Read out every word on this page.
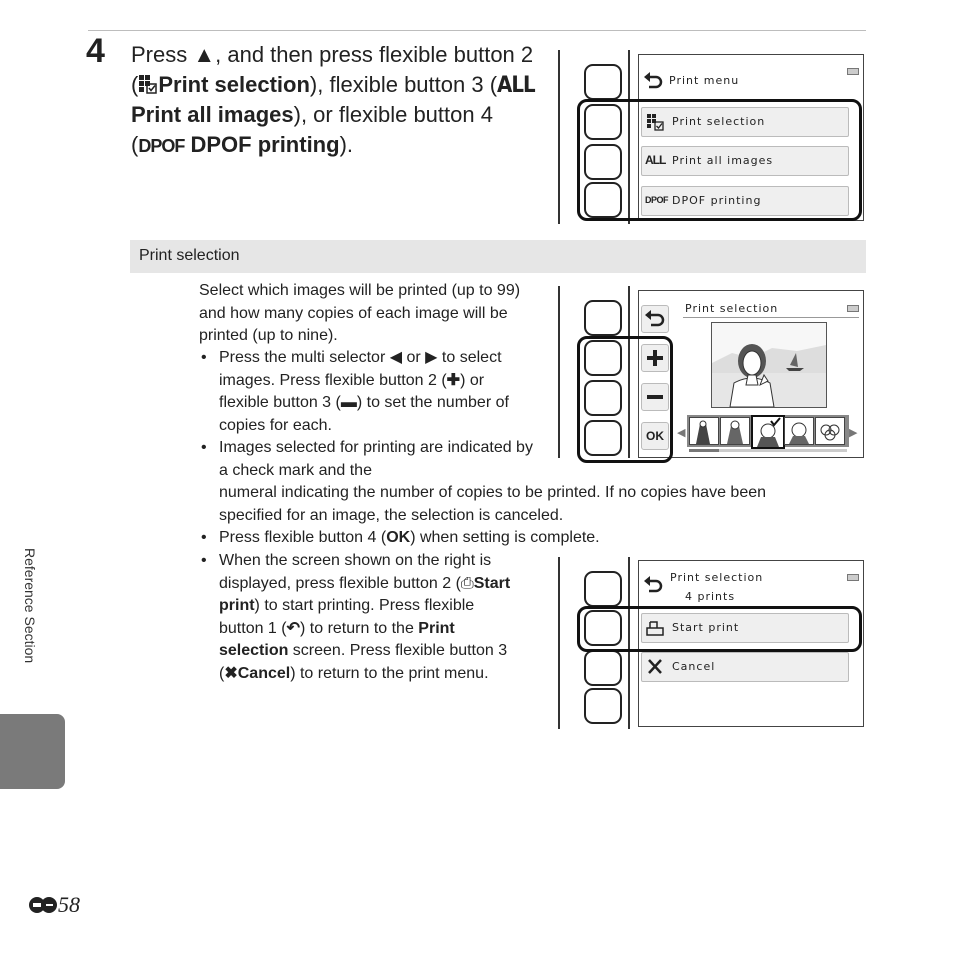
4 Press ▲, and then press flexible button 2 ( Print selection), flexible button 3 (ALL Print all images), or flexible button 4 (DPOF DPOF printing).
Print menu
Print selection
ALL Print all images
DPOF DPOF printing
Print selection
Select which images will be printed (up to 99) and how many copies of each image will be printed (up to nine).
• Press the multi selector ◀ or ▶ to select images. Press flexible button 2 (✚) or flexible button 3 (▬) to set the number of copies for each.
• Images selected for printing are indicated by a check mark and the
numeral indicating the number of copies to be printed. If no copies have been
specified for an image, the selection is canceled.
• Press flexible button 4 (OK) when setting is complete.
• When the screen shown on the right is displayed, press flexible button 2 (⎙Start print) to start printing. Press flexible button 1 (↶) to return to the Print selection screen. Press flexible button 3 (✖Cancel) to return to the print menu.
Print selection
OK	◀	▶
Print selection
4 prints
Start print
Cancel
Reference Section
58
